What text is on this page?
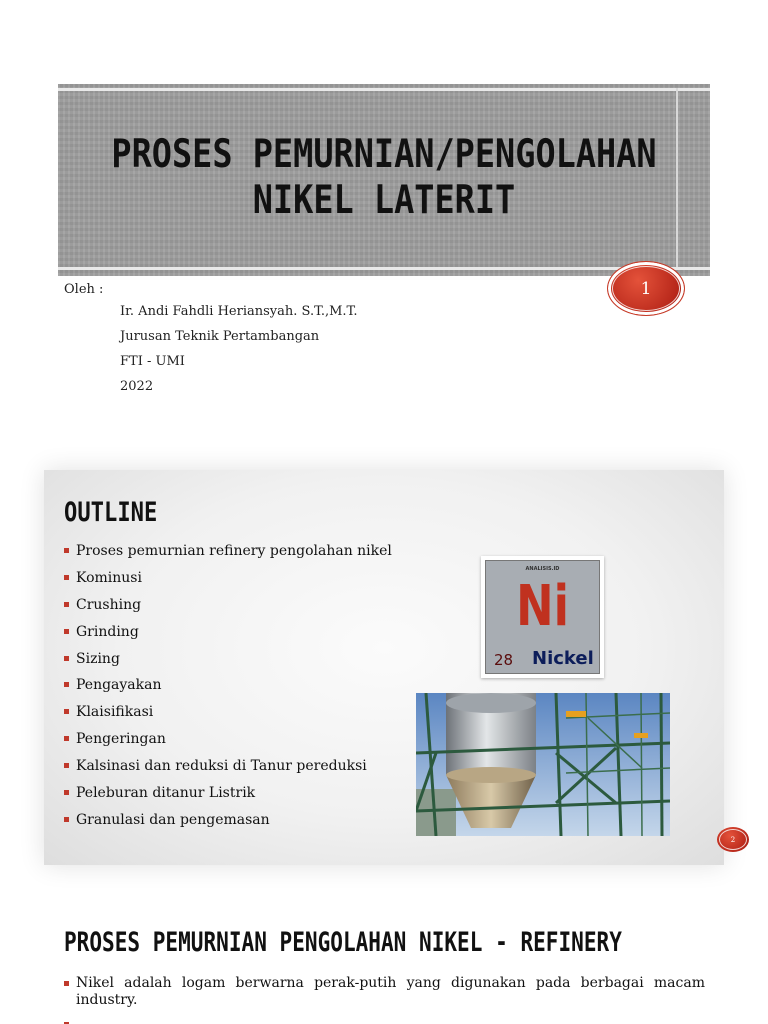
PROSES PEMURNIAN/PENGOLAHAN
NIKEL LATERIT
Oleh :
Ir. Andi Fahdli Heriansyah. S.T.,M.T.
Jurusan Teknik Pertambangan
FTI - UMI
2022
1
OUTLINE
Proses pemurnian refinery pengolahan nikel
Kominusi
Crushing
Grinding
Sizing
Pengayakan
Klaisifikasi
Pengeringan
Kalsinasi dan reduksi di Tanur pereduksi
Peleburan ditanur Listrik
Granulasi dan pengemasan
ANALISIS.ID
Ni
28 Nickel
2
PROSES PEMURNIAN PENGOLAHAN NIKEL - REFINERY
Nikel adalah logam berwarna perak-putih yang digunakan pada berbagai macam industry.
